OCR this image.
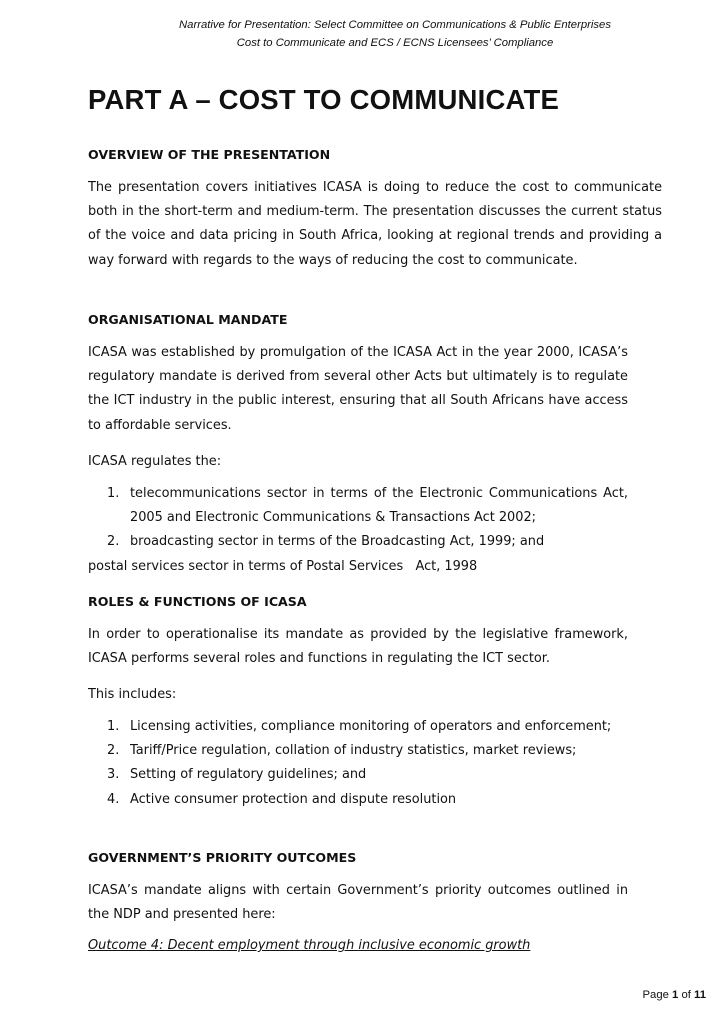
Narrative for Presentation: Select Committee on Communications & Public Enterprises
Cost to Communicate and ECS / ECNS Licensees’ Compliance
PART A – COST TO COMMUNICATE
OVERVIEW OF THE PRESENTATION

The presentation covers initiatives ICASA is doing to reduce the cost to communicate both in the short-term and medium-term. The presentation discusses the current status of the voice and data pricing in South Africa, looking at regional trends and providing a way forward with regards to the ways of reducing the cost to communicate.

ORGANISATIONAL MANDATE

ICASA was established by promulgation of the ICASA Act in the year 2000, ICASA’s regulatory mandate is derived from several other Acts but ultimately is to regulate the ICT industry in the public interest, ensuring that all South Africans have access to affordable services.

ICASA regulates the:

1. telecommunications sector in terms of the Electronic Communications Act, 2005 and Electronic Communications & Transactions Act 2002;
2. broadcasting sector in terms of the Broadcasting Act, 1999; and

postal services sector in terms of Postal Services   Act, 1998

ROLES & FUNCTIONS OF ICASA

In order to operationalise its mandate as provided by the legislative framework, ICASA performs several roles and functions in regulating the ICT sector.

This includes:

1. Licensing activities, compliance monitoring of operators and enforcement;
2. Tariff/Price regulation, collation of industry statistics, market reviews;
3. Setting of regulatory guidelines; and
4. Active consumer protection and dispute resolution
GOVERNMENT’S PRIORITY OUTCOMES

ICASA’s mandate aligns with certain Government’s priority outcomes outlined in the NDP and presented here:

Outcome 4: Decent employment through inclusive economic growth

Page 1 of 11
